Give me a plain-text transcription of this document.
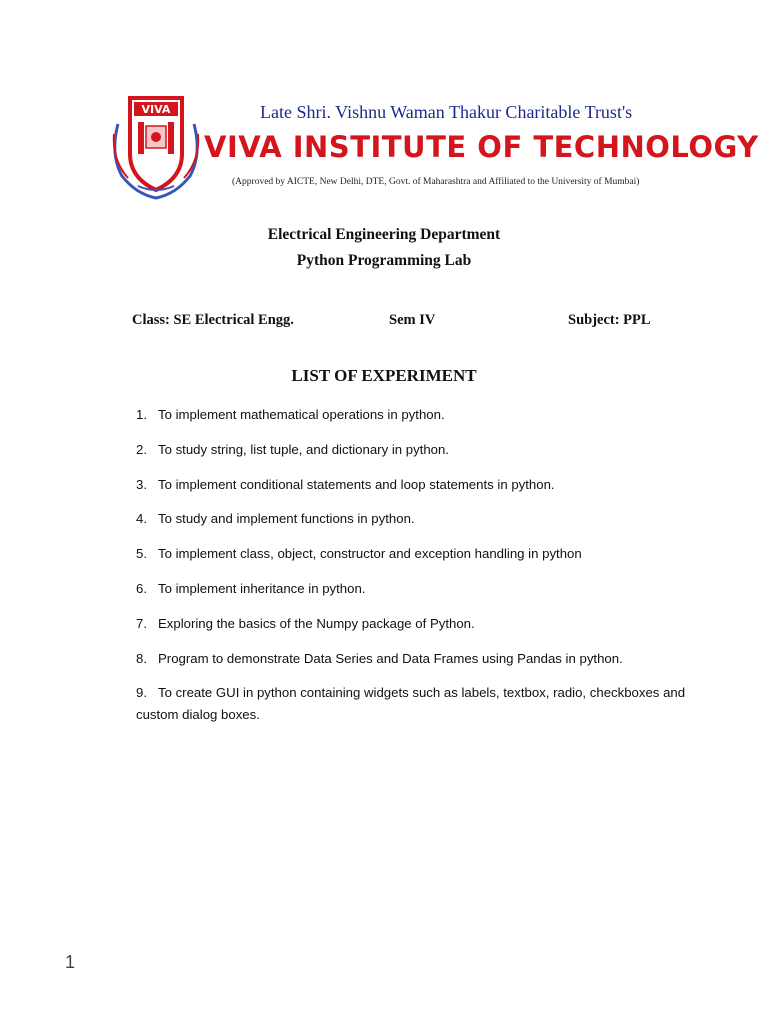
VIVA	Late Shri. Vishnu Waman Thakur Charitable Trust's
VIVA INSTITUTE OF TECHNOLOGY
(Approved by AICTE, New Delhi, DTE, Govt. of Maharashtra and Affiliated to the University of Mumbai)
Electrical Engineering Department
Python Programming Lab
Class: SE Electrical Engg.	Sem IV	Subject: PPL
LIST OF EXPERIMENT
1. To implement mathematical operations in python.
2. To study string, list tuple, and dictionary in python.
3. To implement conditional statements and loop statements in python.
4. To study and implement functions in python.
5. To implement class, object, constructor and exception handling in python
6. To implement inheritance in python.
7. Exploring the basics of the Numpy package of Python.
8. Program to demonstrate Data Series and Data Frames using Pandas in python.
9. To create GUI in python containing widgets such as labels, textbox, radio, checkboxes and custom dialog boxes.
1
